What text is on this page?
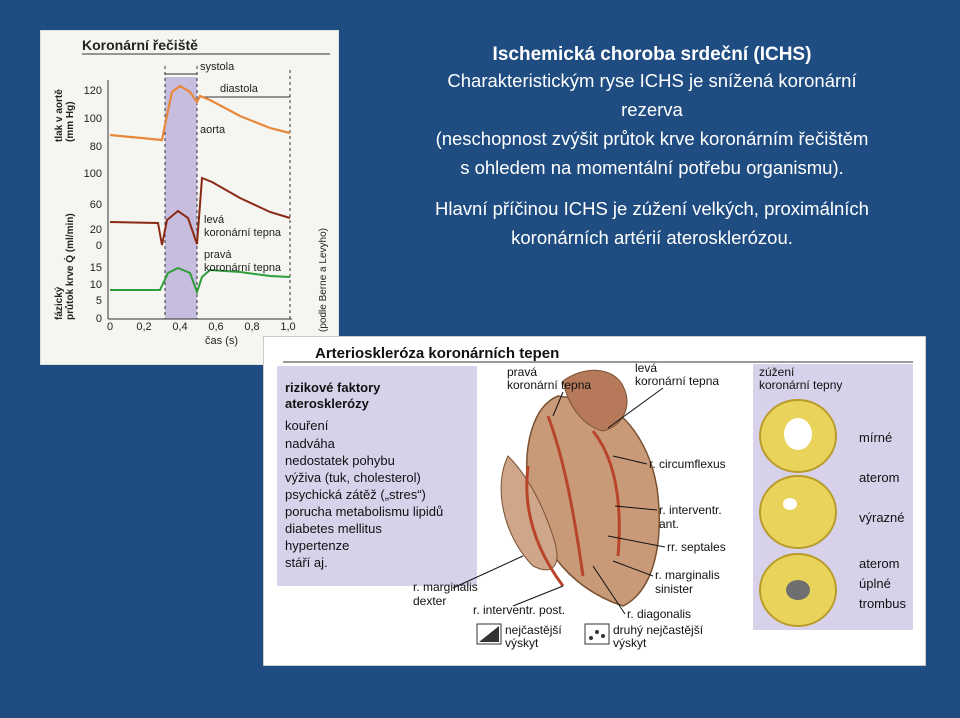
Ischemická choroba srdeční (ICHS)
Charakteristickým ryse ICHS je snížená koronární
rezerva
(neschopnost zvýšit průtok krve koronárním řečištěm
s ohledem na momentální potřebu organismu).
Hlavní příčinou ICHS je zúžení velkých, proximálních
koronárních artérií aterosklerózou.
Koronární řečiště
systola
diastola
aorta
120
100
80
100
60
20
0
15
10
5
0
0 0,2 0,4 0,6 0,8 1,0
čas (s)
tlak v aortě (mm Hg)
fázický průtok krve Q̇ (ml/min)	(podle Berne a Levyho)
levá
koronární tepna
pravá
koronární tepna
Arterioskleróza koronárních tepen
rizikové faktory
aterosklerózy
kouření
nadváha
nedostatek pohybu
výživa (tuk, cholesterol)
psychická zátěž („stres“)
porucha metabolismu lipidů
diabetes mellitus
hypertenze
stáří aj.
pravá
koronární tepna
levá
koronární tepna
zúžení
koronární tepny
r. circumflexus
r. interventr.
ant.
rr. septales
r. marginalis
sinister
r. diagonalis
r. marginalis
dexter
r. interventr. post.
mírné
aterom
výrazné
aterom
úplné
trombus
nejčastější
výskyt
druhý nejčastější
výskyt
